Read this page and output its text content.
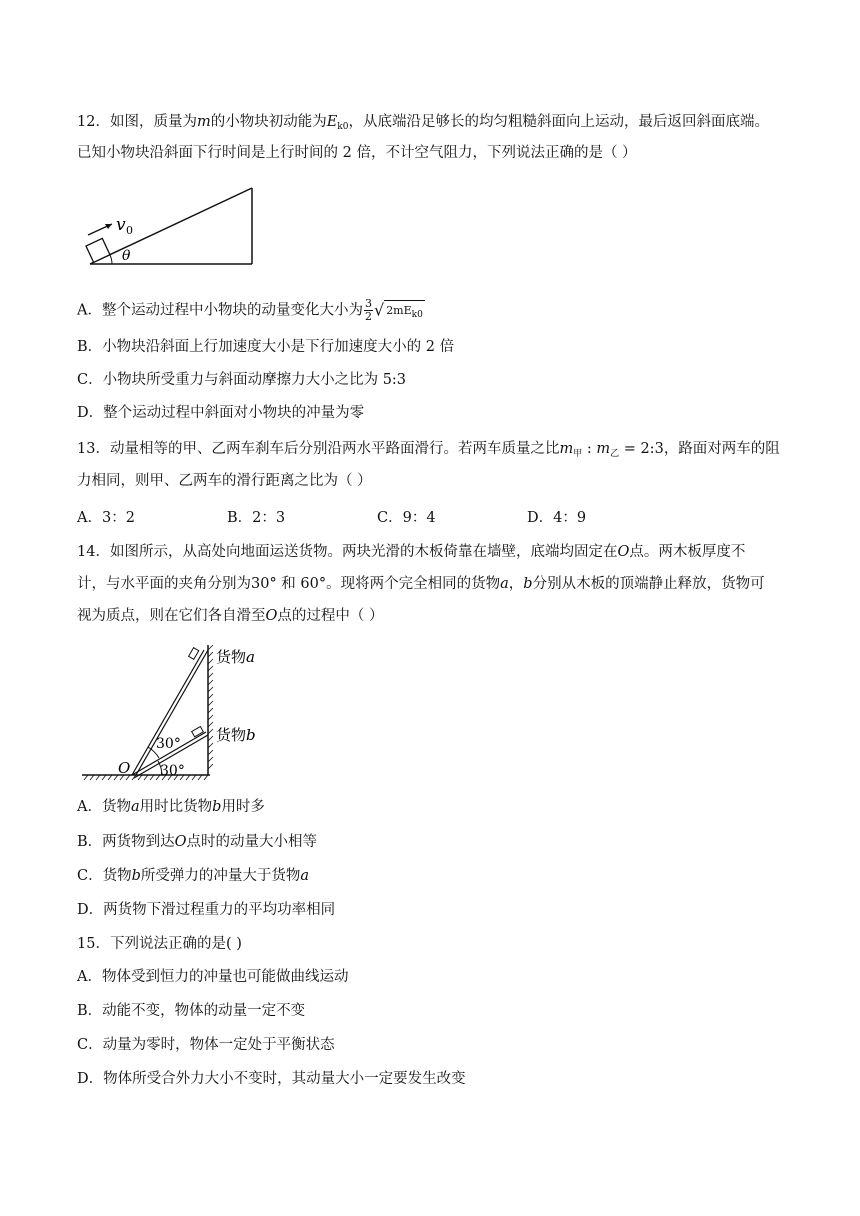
12．如图，质量为m的小物块初动能为$E_{k0}$，从底端沿足够长的均匀粗糙斜面向上运动，最后返回斜面底端。
已知小物块沿斜面下行时间是上行时间的 2 倍，不计空气阻力，下列说法正确的是（ ）
v 0
θ
A．整个运动过程中小物块的动量变化大小为 $\frac{3}{2}$ √ $2mE_{k0}$
B．小物块沿斜面上行加速度大小是下行加速度大小的 2 倍
C．小物块所受重力与斜面动摩擦力大小之比为 5:3
D．整个运动过程中斜面对小物块的冲量为零
13．动量相等的甲、乙两车刹车后分别沿两水平路面滑行。若两车质量之比$m_甲$ : $m_乙$ = 2:3，路面对两车的阻
力相同，则甲、乙两车的滑行距离之比为（ ）
A．3：2	B．2：3	C．9：4	D．4：9
14．如图所示，从高处向地面运送货物。两块光滑的木板倚靠在墙壁，底端均固定在O点。两木板厚度不
计，与水平面的夹角分别为30° 和 60°。现将两个完全相同的货物a，b分别从木板的顶端静止释放，货物可
视为质点，则在它们各自滑至O点的过程中（ ）
货物a
货物b
O
30°
30°
A．货物a用时比货物b用时多
B．两货物到达O点时的动量大小相等
C．货物b所受弹力的冲量大于货物a
D．两货物下滑过程重力的平均功率相同
15．下列说法正确的是( )
A．物体受到恒力的冲量也可能做曲线运动
B．动能不变，物体的动量一定不变
C．动量为零时，物体一定处于平衡状态
D．物体所受合外力大小不变时，其动量大小一定要发生改变
